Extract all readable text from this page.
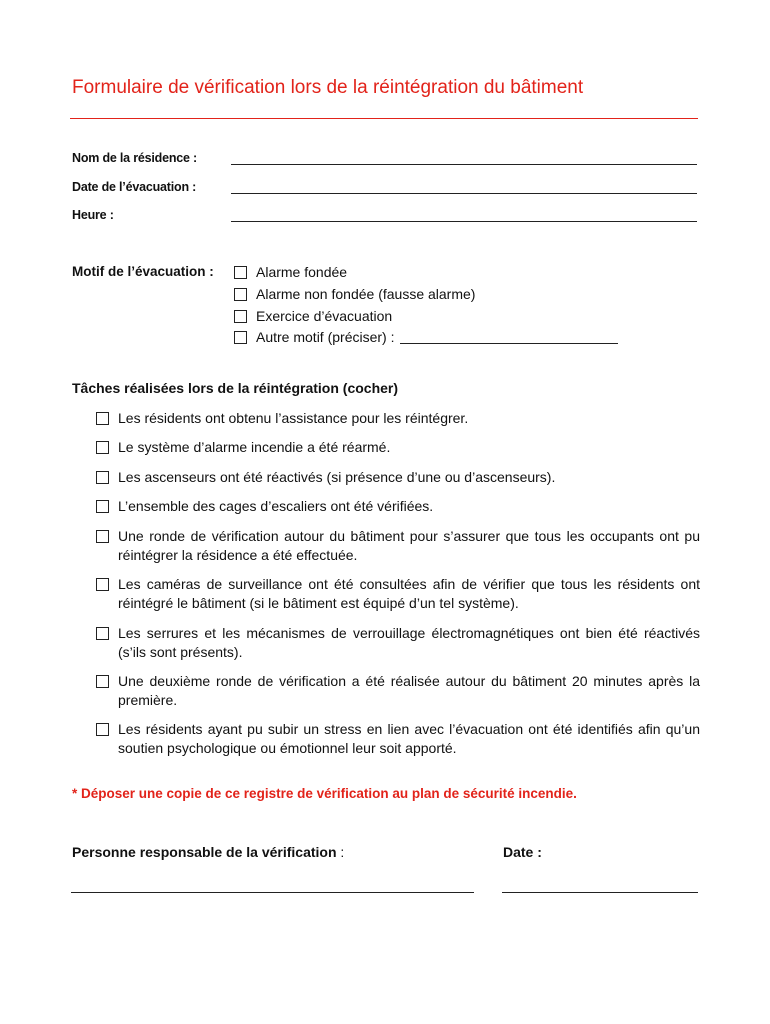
Formulaire de vérification lors de la réintégration du bâtiment
Nom de la résidence :
Date de l’évacuation :
Heure :
Motif de l’évacuation :	Alarme fondée
Alarme non fondée (fausse alarme)
Exercice d’évacuation
Autre motif (préciser) :
Tâches réalisées lors de la réintégration (cocher)
Les résidents ont obtenu l’assistance pour les réintégrer.
Le système d’alarme incendie a été réarmé.
Les ascenseurs ont été réactivés (si présence d’une ou d’ascenseurs).
L’ensemble des cages d’escaliers ont été vérifiées.
Une ronde de vérification autour du bâtiment pour s’assurer que tous les occupants ont pu réintégrer la résidence a été effectuée.
Les caméras de surveillance ont été consultées afin de vérifier que tous les résidents ont réintégré le bâtiment (si le bâtiment est équipé d’un tel système).
Les serrures et les mécanismes de verrouillage électromagnétiques ont bien été réactivés (s’ils sont présents).
Une deuxième ronde de vérification a été réalisée autour du bâtiment 20 minutes après la première.
Les résidents ayant pu subir un stress en lien avec l’évacuation ont été identifiés afin qu’un soutien psychologique ou émotionnel leur soit apporté.
* Déposer une copie de ce registre de vérification au plan de sécurité incendie.
Personne responsable de la vérification :	Date :
